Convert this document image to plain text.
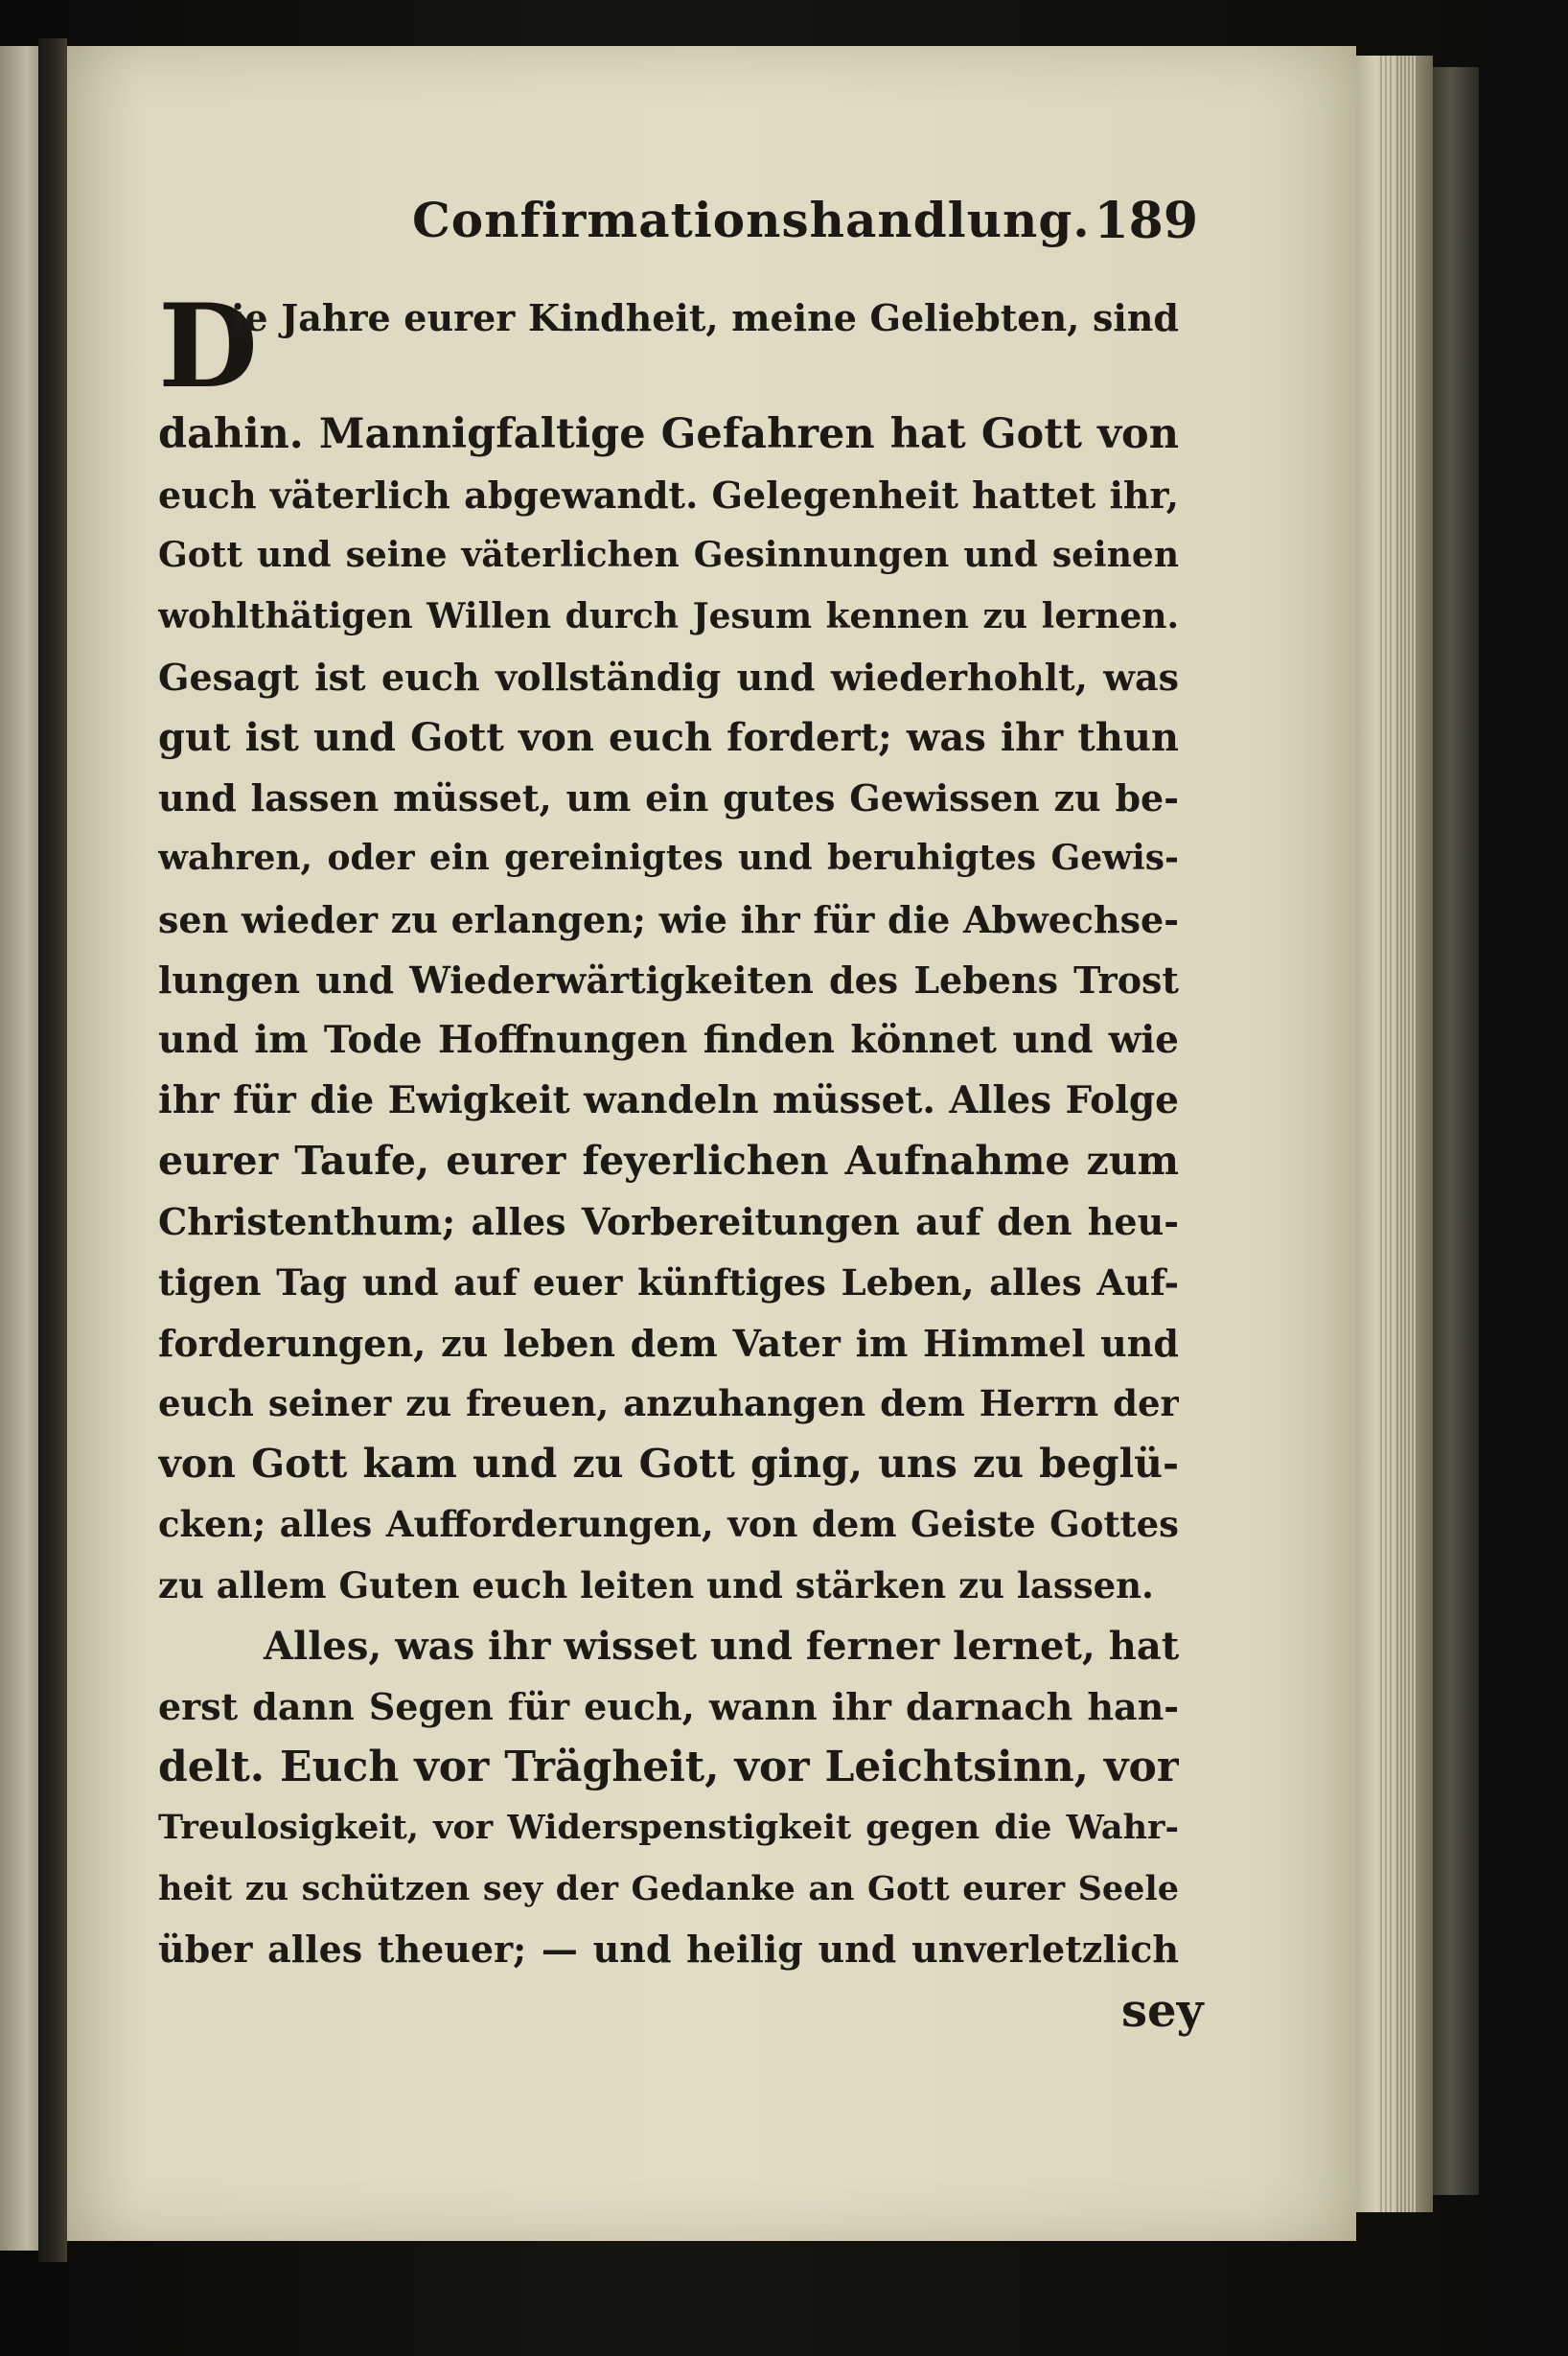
Confirmationshandlung. 189
D
ie Jahre eurer Kindheit, meine Geliebten, sind
dahin. Mannigfaltige Gefahren hat Gott von
euch väterlich abgewandt. Gelegenheit hattet ihr,
Gott und seine väterlichen Gesinnungen und seinen
wohlthätigen Willen durch Jesum kennen zu lernen.
Gesagt ist euch vollständig und wiederhohlt, was
gut ist und Gott von euch fordert; was ihr thun
und lassen müsset, um ein gutes Gewissen zu be-
wahren, oder ein gereinigtes und beruhigtes Gewis-
sen wieder zu erlangen; wie ihr für die Abwechse-
lungen und Wiederwärtigkeiten des Lebens Trost
und im Tode Hoffnungen finden könnet und wie
ihr für die Ewigkeit wandeln müsset. Alles Folge
eurer Taufe, eurer feyerlichen Aufnahme zum
Christenthum; alles Vorbereitungen auf den heu-
tigen Tag und auf euer künftiges Leben, alles Auf-
forderungen, zu leben dem Vater im Himmel und
euch seiner zu freuen, anzuhangen dem Herrn der
von Gott kam und zu Gott ging, uns zu beglü-
cken; alles Aufforderungen, von dem Geiste Gottes
zu allem Guten euch leiten und stärken zu lassen.
Alles, was ihr wisset und ferner lernet, hat
erst dann Segen für euch, wann ihr darnach han-
delt. Euch vor Trägheit, vor Leichtsinn, vor
Treulosigkeit, vor Widerspenstigkeit gegen die Wahr-
heit zu schützen sey der Gedanke an Gott eurer Seele
über alles theuer; — und heilig und unverletzlich
sey
